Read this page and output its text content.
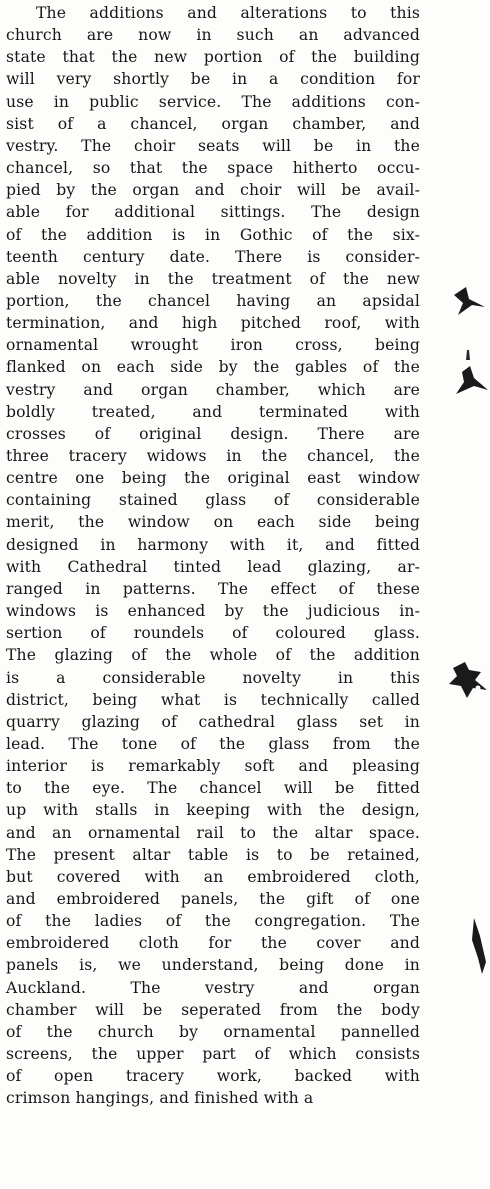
The additions and alterations to this
church are now in such an advanced
state that the new portion of the building
will very shortly be in a condition for
use in public service. The additions con-
sist of a chancel, organ chamber, and
vestry. The choir seats will be in the
chancel, so that the space hitherto occu-
pied by the organ and choir will be avail-
able for additional sittings. The design
of the addition is in Gothic of the six-
teenth century date. There is consider-
able novelty in the treatment of the new
portion, the chancel having an apsidal
termination, and high pitched roof, with
ornamental wrought iron cross, being
flanked on each side by the gables of the
vestry and organ chamber, which are
boldly treated, and terminated with
crosses of original design. There are
three tracery widows in the chancel, the
centre one being the original east window
containing stained glass of considerable
merit, the window on each side being
designed in harmony with it, and fitted
with Cathedral tinted lead glazing, ar-
ranged in patterns. The effect of these
windows is enhanced by the judicious in-
sertion of roundels of coloured glass.
The glazing of the whole of the addition
is a considerable novelty in this
district, being what is technically called
quarry glazing of cathedral glass set in
lead. The tone of the glass from the
interior is remarkably soft and pleasing
to the eye. The chancel will be fitted
up with stalls in keeping with the design,
and an ornamental rail to the altar space.
The present altar table is to be retained,
but covered with an embroidered cloth,
and embroidered panels, the gift of one
of the ladies of the congregation. The
embroidered cloth for the cover and
panels is, we understand, being done in
Auckland. The vestry and organ
chamber will be seperated from the body
of the church by ornamental pannelled
screens, the upper part of which consists
of open tracery work, backed with
crimson hangings, and finished with a
